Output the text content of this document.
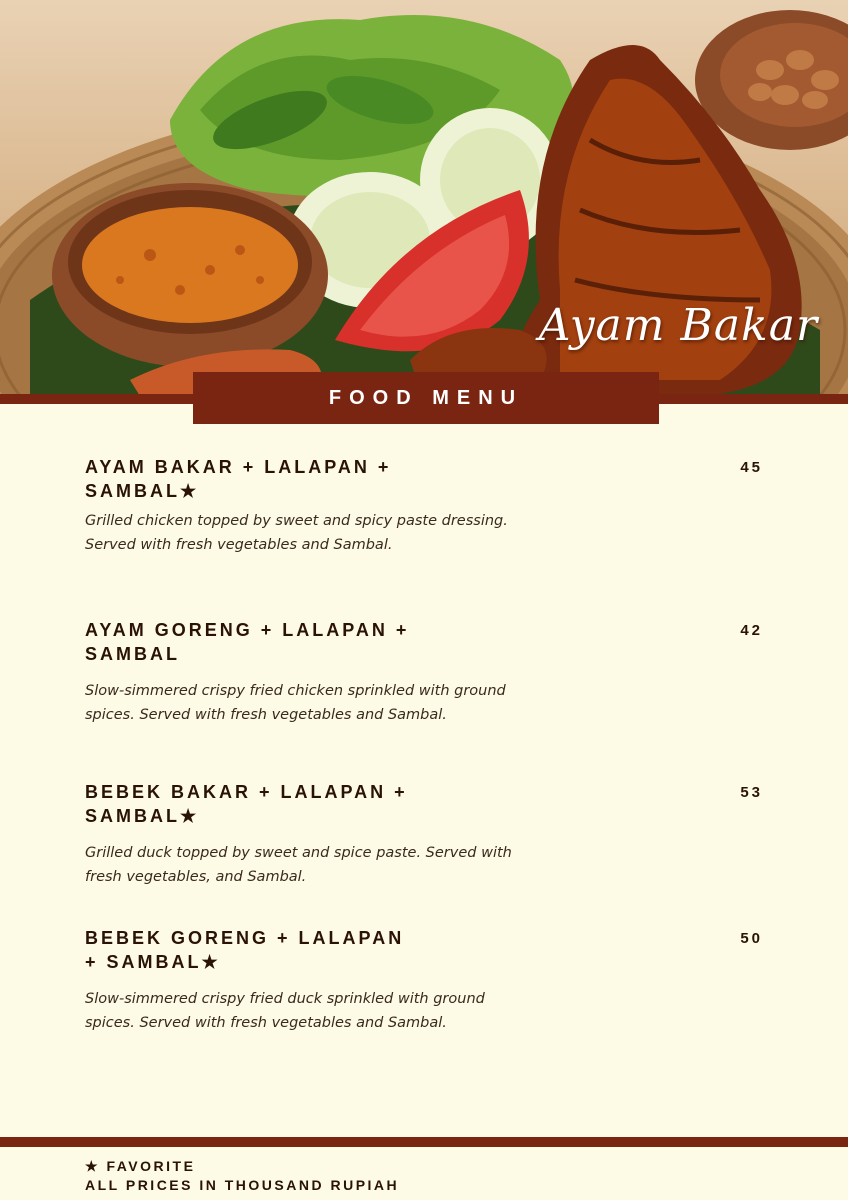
Ayam Bakar
FOOD MENU
AYAM BAKAR + LALAPAN + SAMBAL★
45
Grilled chicken topped by sweet and spicy paste dressing. Served with fresh vegetables and Sambal.
AYAM GORENG + LALAPAN + SAMBAL
42
Slow-simmered crispy fried chicken sprinkled with ground spices. Served with fresh vegetables and Sambal.
BEBEK BAKAR + LALAPAN + SAMBAL★
53
Grilled duck topped by sweet and spice paste. Served with fresh vegetables, and Sambal.
BEBEK GORENG + LALAPAN + SAMBAL★
50
Slow-simmered crispy fried duck sprinkled with ground spices. Served with fresh vegetables and Sambal.
★ FAVORITE
ALL PRICES IN THOUSAND RUPIAH
